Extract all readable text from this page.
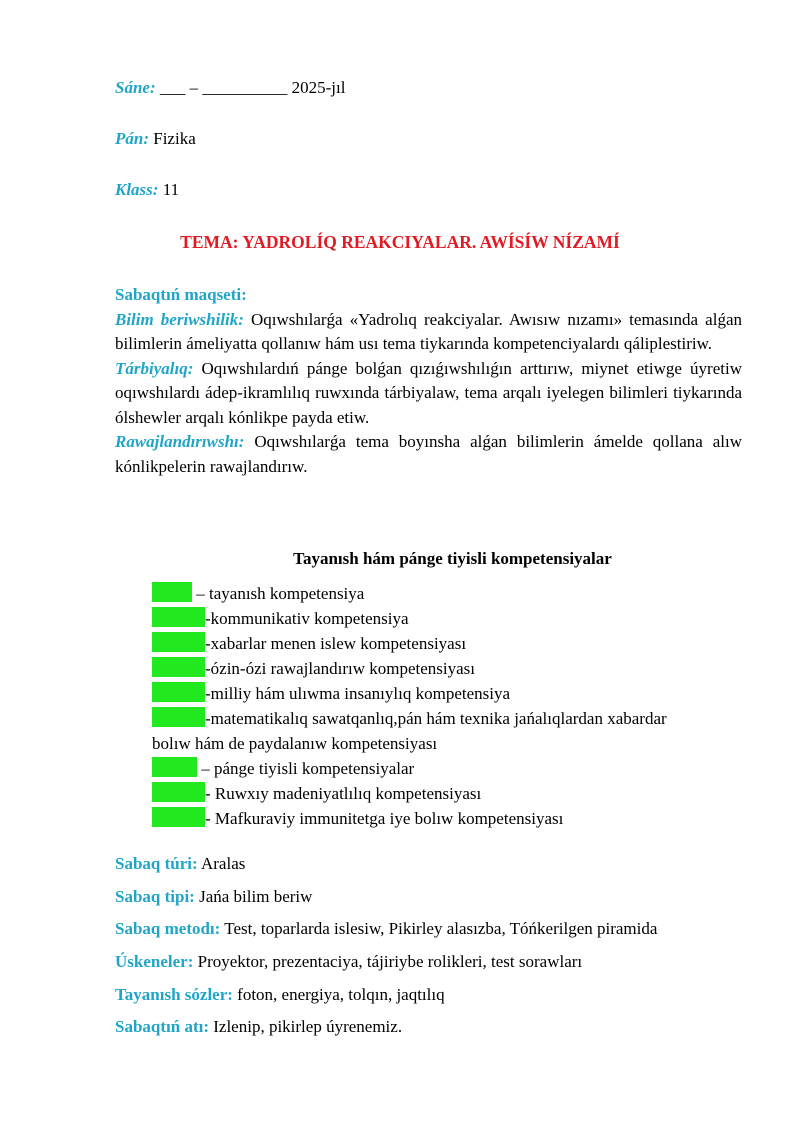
Sáne: ___ – __________ 2025-jıl
Pán: Fizika
Klass: 11
TEMA: YADROLÍQ REAKCIYALAR. AWÍSÍW NÍZAMÍ

Sabaqtıń maqseti:

Bilim beriwshilik: Oqıwshılarǵa «Yadrolıq reakciyalar. Awısıw nızamı» temasında alǵan bilimlerin ámeliyatta qollanıw hám usı tema tiykarında kompetenciyalardı qáliplestiriw.

Tárbiyalıq: Oqıwshılardıń pánge bolǵan qızıǵıwshılıǵın arttırıw, miynet etiwge úyretiw oqıwshılardı ádep-ikramlılıq ruwxında tárbiyalaw, tema arqalı iyelegen bilimleri tiykarında ólshewler arqalı kónlikpe payda etiw.

Rawajlandırıwshı: Oqıwshılarǵa tema boyınsha alǵan bilimlerin ámelde qollana alıw kónlikpelerin rawajlandırıw.

Tayanısh hám pánge tiyisli kompetensiyalar
– tayanısh kompetensiya
-kommunikativ kompetensiya
-xabarlar menen islew kompetensiyası
-ózin-ózi rawajlandırıw kompetensiyası
-milliy hám ulıwma insanıylıq kompetensiya
-matematikalıq sawatqanlıq,pán hám texnika jańalıqlardan xabardar
bolıw hám de paydalanıw kompetensiyası
– pánge tiyisli kompetensiyalar
- Ruwxıy madeniyatlılıq kompetensiyası
- Mafkuraviy immunitetga iye bolıw kompetensiyası
Sabaq túri: Aralas
Sabaq tipi: Jańa bilim beriw
Sabaq metodı: Test, toparlarda islesiw, Pikirley alasızba, Tóńkerilgen piramida
Úskeneler: Proyektor, prezentaciya, tájiriybe rolikleri, test sorawları
Tayanısh sózler: foton, energiya, tolqın, jaqtılıq
Sabaqtıń atı: Izlenip, pikirlep úyrenemiz.
